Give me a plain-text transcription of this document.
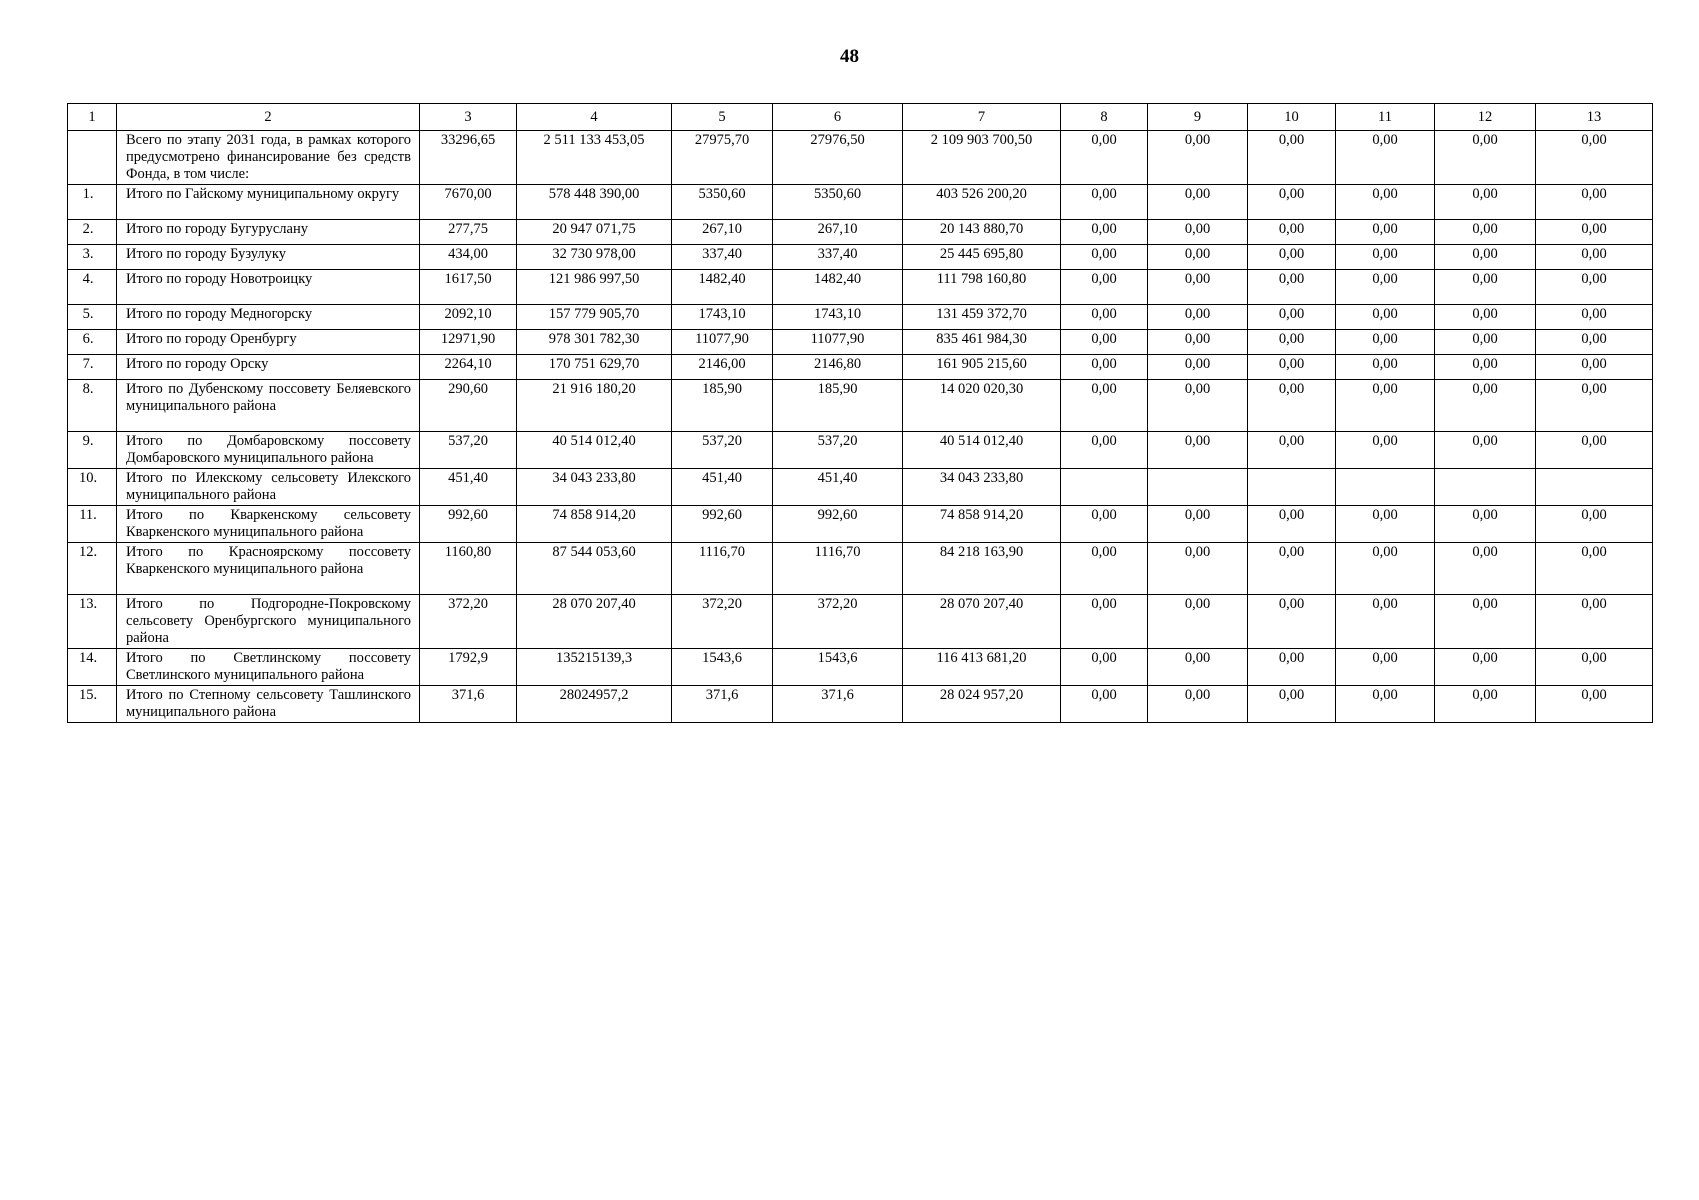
48
1	2	3	4	5	6	7	8	9	10	11	12	13
	Всего по этапу 2031 года, в рамках которого предусмотрено финансирование без средств Фонда, в том числе:	33296,65	2 511 133 453,05	27975,70	27976,50	2 109 903 700,50	0,00	0,00	0,00	0,00	0,00	0,00
1.	Итого по Гайскому муниципальному округу	7670,00	578 448 390,00	5350,60	5350,60	403 526 200,20	0,00	0,00	0,00	0,00	0,00	0,00
2.	Итого по городу Бугуруслану	277,75	20 947 071,75	267,10	267,10	20 143 880,70	0,00	0,00	0,00	0,00	0,00	0,00
3.	Итого по городу Бузулуку	434,00	32 730 978,00	337,40	337,40	25 445 695,80	0,00	0,00	0,00	0,00	0,00	0,00
4.	Итого по городу Новотроицку	1617,50	121 986 997,50	1482,40	1482,40	111 798 160,80	0,00	0,00	0,00	0,00	0,00	0,00
5.	Итого по городу Медногорску	2092,10	157 779 905,70	1743,10	1743,10	131 459 372,70	0,00	0,00	0,00	0,00	0,00	0,00
6.	Итого по городу Оренбургу	12971,90	978 301 782,30	11077,90	11077,90	835 461 984,30	0,00	0,00	0,00	0,00	0,00	0,00
7.	Итого по городу Орску	2264,10	170 751 629,70	2146,00	2146,80	161 905 215,60	0,00	0,00	0,00	0,00	0,00	0,00
8.	Итого по Дубенскому поссовету Беляевского муниципального района	290,60	21 916 180,20	185,90	185,90	14 020 020,30	0,00	0,00	0,00	0,00	0,00	0,00
9.	Итого по Домбаровскому поссовету Домбаровского муниципального района	537,20	40 514 012,40	537,20	537,20	40 514 012,40	0,00	0,00	0,00	0,00	0,00	0,00
10.	Итого по Илекскому сельсовету Илекского муниципального района	451,40	34 043 233,80	451,40	451,40	34 043 233,80						
11.	Итого по Кваркенскому сельсовету Кваркенского муниципального района	992,60	74 858 914,20	992,60	992,60	74 858 914,20	0,00	0,00	0,00	0,00	0,00	0,00
12.	Итого по Красноярскому поссовету Кваркенского муниципального района	1160,80	87 544 053,60	1116,70	1116,70	84 218 163,90	0,00	0,00	0,00	0,00	0,00	0,00
13.	Итого по Подгородне-Покровскому сельсовету Оренбургского муниципального района	372,20	28 070 207,40	372,20	372,20	28 070 207,40	0,00	0,00	0,00	0,00	0,00	0,00
14.	Итого по Светлинскому поссовету Светлинского муниципального района	1792,9	135215139,3	1543,6	1543,6	116 413 681,20	0,00	0,00	0,00	0,00	0,00	0,00
15.	Итого по Степному сельсовету Ташлинского муниципального района	371,6	28024957,2	371,6	371,6	28 024 957,20	0,00	0,00	0,00	0,00	0,00	0,00
